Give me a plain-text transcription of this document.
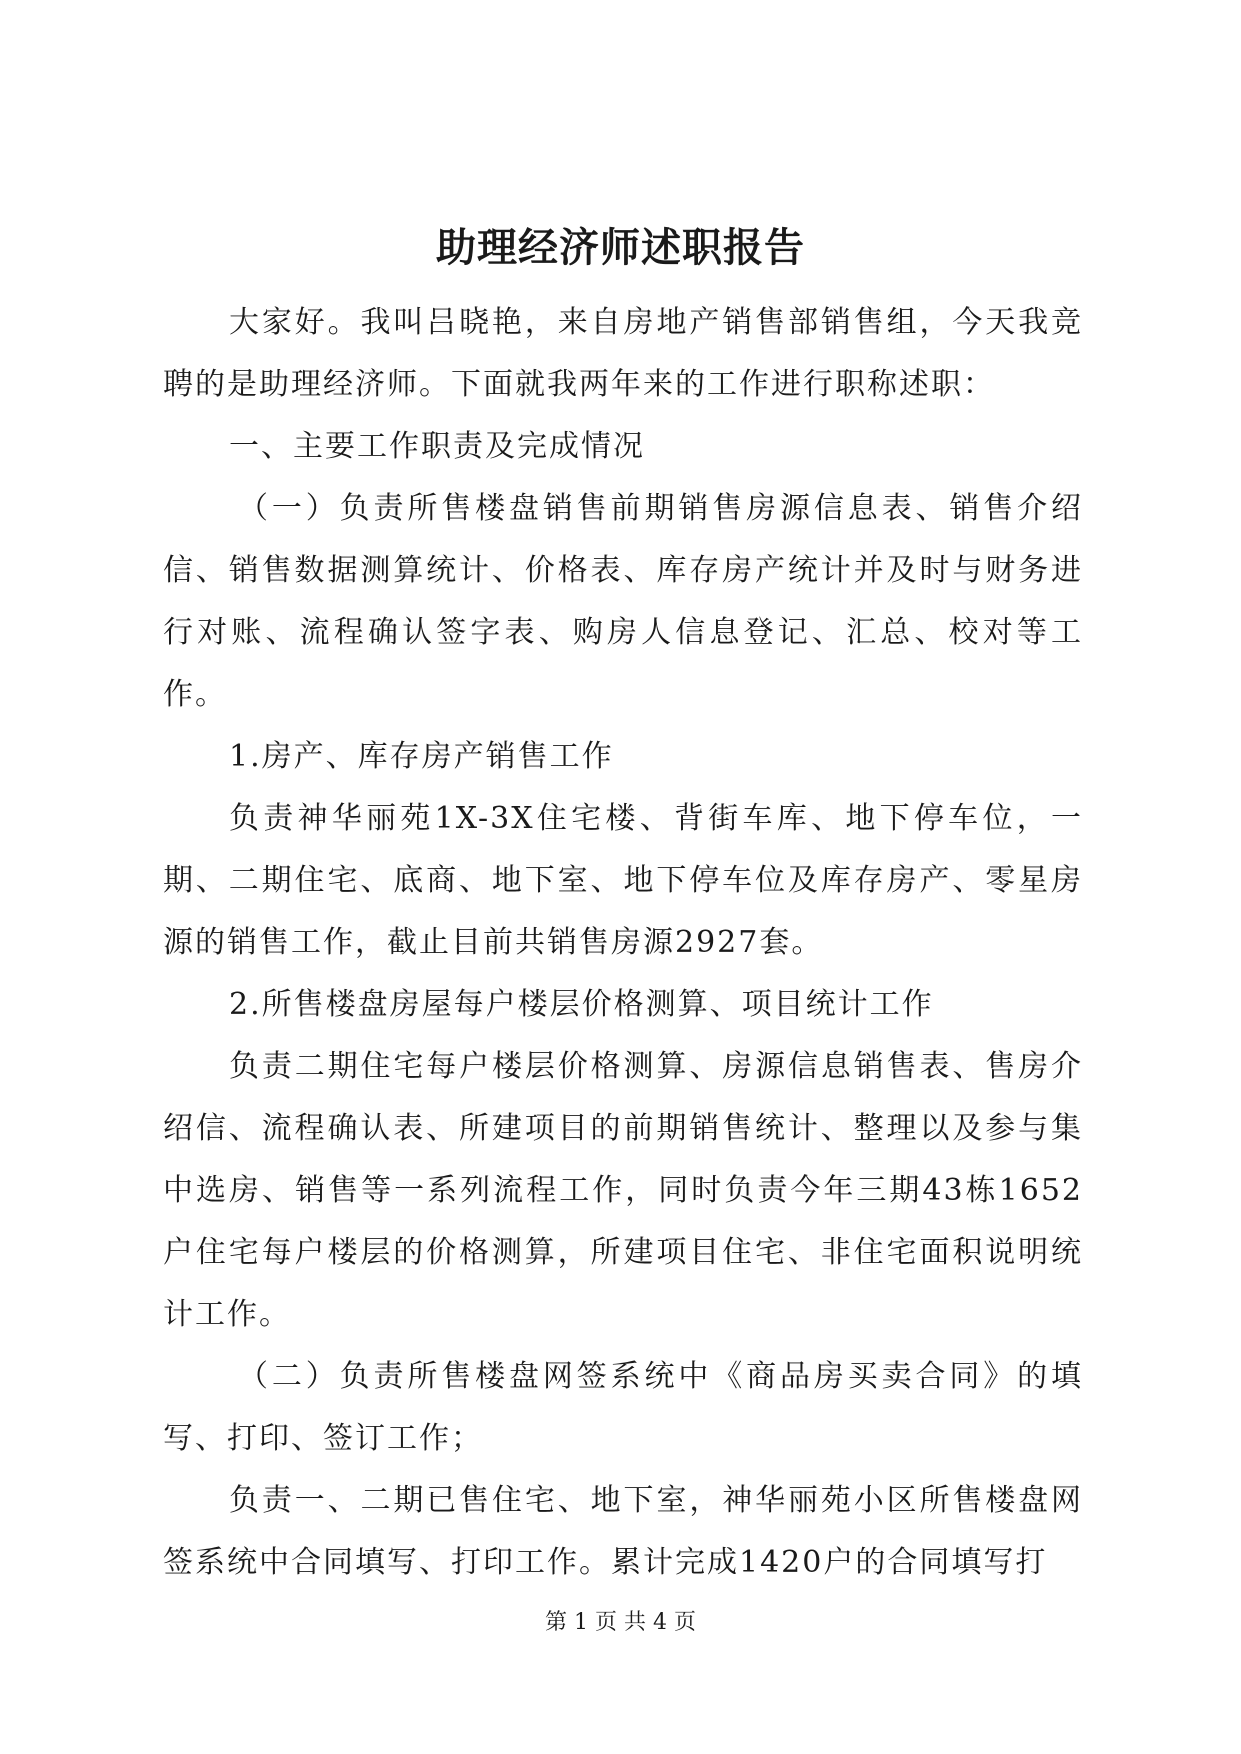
助理经济师述职报告

大家好。我叫吕晓艳，来自房地产销售部销售组，今天我竞聘的是助理经济师。下面就我两年来的工作进行职称述职：

一、主要工作职责及完成情况

（一）负责所售楼盘销售前期销售房源信息表、销售介绍信、销售数据测算统计、价格表、库存房产统计并及时与财务进行对账、流程确认签字表、购房人信息登记、汇总、校对等工作。

1.房产、库存房产销售工作

负责神华丽苑1X-3X住宅楼、背街车库、地下停车位，一期、二期住宅、底商、地下室、地下停车位及库存房产、零星房源的销售工作，截止目前共销售房源2927套。

2.所售楼盘房屋每户楼层价格测算、项目统计工作

负责二期住宅每户楼层价格测算、房源信息销售表、售房介绍信、流程确认表、所建项目的前期销售统计、整理以及参与集中选房、销售等一系列流程工作，同时负责今年三期43栋1652户住宅每户楼层的价格测算，所建项目住宅、非住宅面积说明统计工作。

（二）负责所售楼盘网签系统中《商品房买卖合同》的填写、打印、签订工作；

负责一、二期已售住宅、地下室，神华丽苑小区所售楼盘网签系统中合同填写、打印工作。累计完成1420户的合同填写打

第 1 页 共 4 页
